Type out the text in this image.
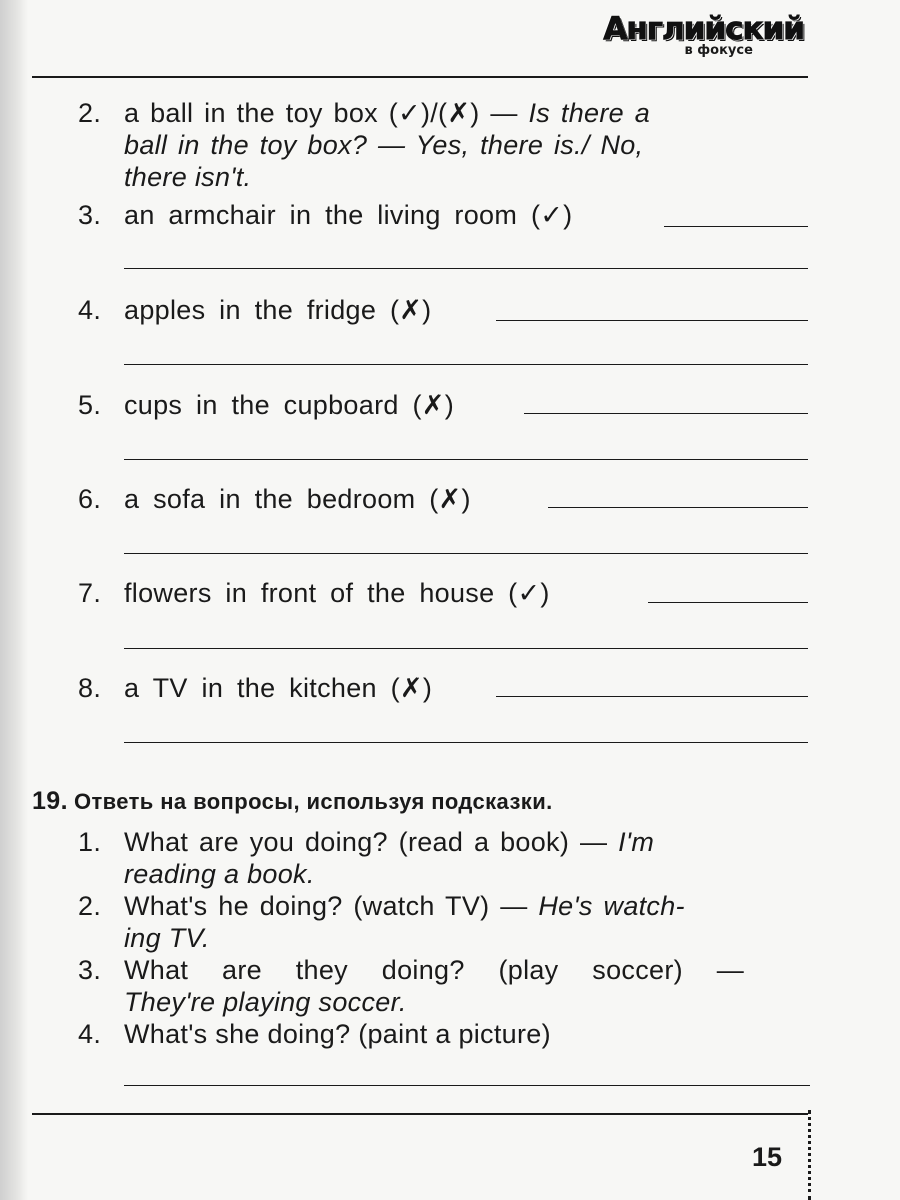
Английский
в фокусе
2. a ball in the toy box (✓)/(✗) — Is there a
ball in the toy box? — Yes, there is./ No,
there isn't.
3. an armchair in the living room (✓)
4. apples in the fridge (✗)
5. cups in the cupboard (✗)
6. a sofa in the bedroom (✗)
7. flowers in front of the house (✓)
8. a TV in the kitchen (✗)
19. Ответь на вопросы, используя подсказки.
1. What are you doing? (read a book) — I'm
reading a book.
2. What's he doing? (watch TV) — He's watch-
ing TV.
3. What are they doing? (play soccer) —
They're playing soccer.
4. What's she doing? (paint a picture)
15
